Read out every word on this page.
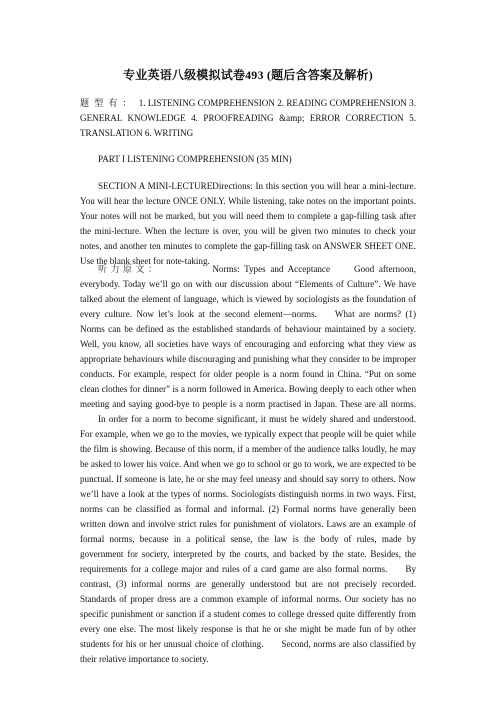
专业英语八级模拟试卷493 (题后含答案及解析)
题型有： 1. LISTENING COMPREHENSION 2. READING COMPREHENSION 3. GENERAL KNOWLEDGE 4. PROOFREADING &amp; ERROR CORRECTION 5. TRANSLATION 6. WRITING
PART I LISTENING COMPREHENSION (35 MIN)
SECTION A MINI-LECTUREDirections: In this section you will hear a mini-lecture. You will hear the lecture ONCE ONLY. While listening, take notes on the important points. Your notes will not be marked, but you will need them to complete a gap-filling task after the mini-lecture. When the lecture is over, you will be given two minutes to check your notes, and another ten minutes to complete the gap-filling task on ANSWER SHEET ONE. Use the blank sheet for note-taking.
听力原文：	Norms: Types and Acceptance	Good afternoon, everybody. Today we’ll go on with our discussion about “Elements of Culture”. We have talked about the element of language, which is viewed by sociologists as the foundation of every culture. Now let’s look at the second element—norms. What are norms? (1) Norms can be defined as the established standards of behaviour maintained by a society. Well, you know, all societies have ways of encouraging and enforcing what they view as appropriate behaviours while discouraging and punishing what they consider to be improper conducts. For example, respect for older people is a norm found in China. “Put on some clean clothes for dinner” is a norm followed in America. Bowing deeply to each other when meeting and saying good-bye to people is a norm practised in Japan. These are all norms.In order for a norm to become significant, it must be widely shared and understood. For example, when we go to the movies, we typically expect that people will be quiet while the film is showing. Because of this norm, if a member of the audience talks loudly, he may be asked to lower his voice. And when we go to school or go to work, we are expected to be punctual. If someone is late, he or she may feel uneasy and should say sorry to others. Now we’ll have a look at the types of norms. Sociologists distinguish norms in two ways. First, norms can be classified as formal and informal. (2) Formal norms have generally been written down and involve strict rules for punishment of violators. Laws are an example of formal norms, because in a political sense, the law is the body of rules, made by government for society, interpreted by the courts, and backed by the state. Besides, the requirements for a college major and rules of a card game are also formal norms. By contrast, (3) informal norms are generally understood but are not precisely recorded. Standards of proper dress are a common example of informal norms. Our society has no specific punishment or sanction if a student comes to college dressed quite differently from every one else. The most likely response is that he or she might be made fun of by other students for his or her unusual choice of clothing. Second, norms are also classified by their relative importance to society.
